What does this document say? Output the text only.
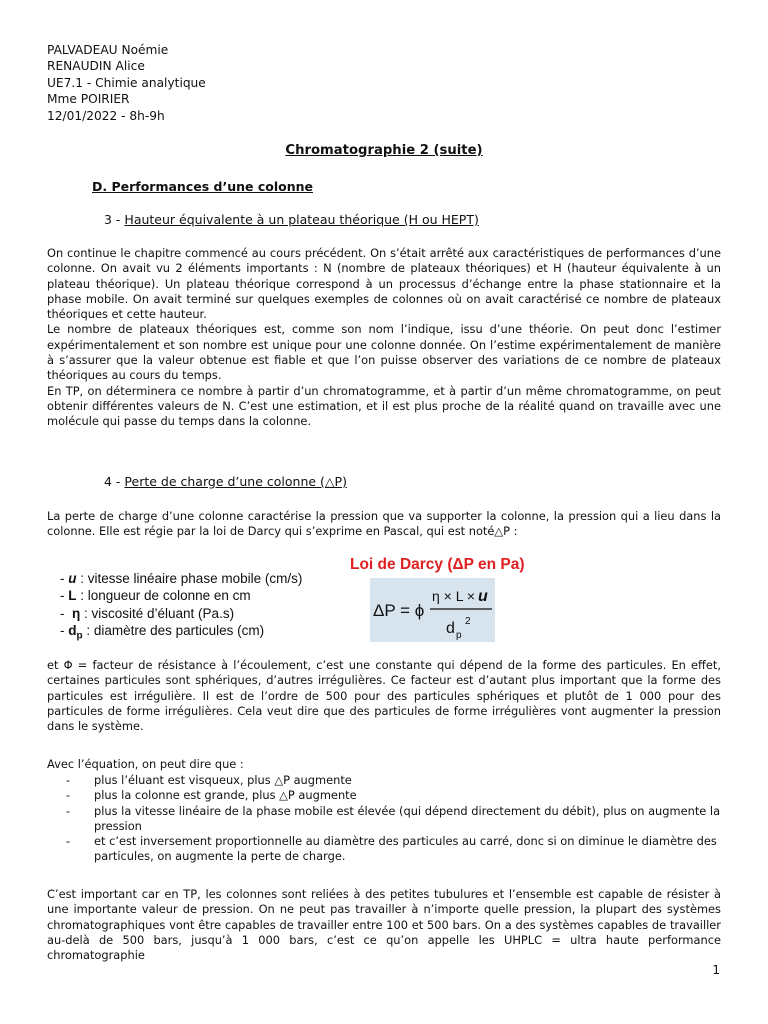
PALVADEAU Noémie
RENAUDIN Alice
UE7.1 - Chimie analytique
Mme POIRIER
12/01/2022 - 8h-9h
Chromatographie 2 (suite)
D. Performances d’une colonne
3 - Hauteur équivalente à un plateau théorique (H ou HEPT)

On continue le chapitre commencé au cours précédent. On s’était arrêté aux caractéristiques de performances d’une colonne. On avait vu 2 éléments importants : N (nombre de plateaux théoriques) et H (hauteur équivalente à un plateau théorique). Un plateau théorique correspond à un processus d’échange entre la phase stationnaire et la phase mobile. On avait terminé sur quelques exemples de colonnes où on avait caractérisé ce nombre de plateaux théoriques et cette hauteur.

Le nombre de plateaux théoriques est, comme son nom l’indique, issu d’une théorie. On peut donc l’estimer expérimentalement et son nombre est unique pour une colonne donnée. On l’estime expérimentalement de manière à s’assurer que la valeur obtenue est fiable et que l’on puisse observer des variations de ce nombre de plateaux théoriques au cours du temps.

En TP, on déterminera ce nombre à partir d’un chromatogramme, et à partir d’un même chromatogramme, on peut obtenir différentes valeurs de N. C’est une estimation, et il est plus proche de la réalité quand on travaille avec une molécule qui passe du temps dans la colonne.

4 - Perte de charge d’une colonne (△P)

La perte de charge d’une colonne caractérise la pression que va supporter la colonne, la pression qui a lieu dans la colonne. Elle est régie par la loi de Darcy qui s’exprime en Pascal, qui est noté△P :

- u : vitesse linéaire phase mobile (cm/s)
- L : longueur de colonne en cm
-  η : viscosité d’éluant (Pa.s)
- $d_p$ : diamètre des particules (cm)
Loi de Darcy (ΔP en Pa)
ΔP = ϕ
η × L × u
d p
2

et Φ = facteur de résistance à l’écoulement, c’est une constante qui dépend de la forme des particules. En effet, certaines particules sont sphériques, d’autres irrégulières. Ce facteur est d’autant plus important que la forme des particules est irrégulière. Il est de l’ordre de 500 pour des particules sphériques et plutôt de 1 000 pour des particules de forme irrégulières. Cela veut dire que des particules de forme irrégulières vont augmenter la pression dans le système.

Avec l’équation, on peut dire que :

- plus l’éluant est visqueux, plus △P augmente
- plus la colonne est grande, plus △P augmente
- plus la vitesse linéaire de la phase mobile est élevée (qui dépend directement du débit), plus on augmente la pression
- et c’est inversement proportionnelle au diamètre des particules au carré, donc si on diminue le diamètre des particules, on augmente la perte de charge.

C’est important car en TP, les colonnes sont reliées à des petites tubulures et l’ensemble est capable de résister à une importante valeur de pression. On ne peut pas travailler à n’importe quelle pression, la plupart des systèmes chromatographiques vont être capables de travailler entre 100 et 500 bars. On a des systèmes capables de travailler au-delà de 500 bars, jusqu’à 1 000 bars, c’est ce qu’on appelle les UHPLC = ultra haute performance chromatographie

1
